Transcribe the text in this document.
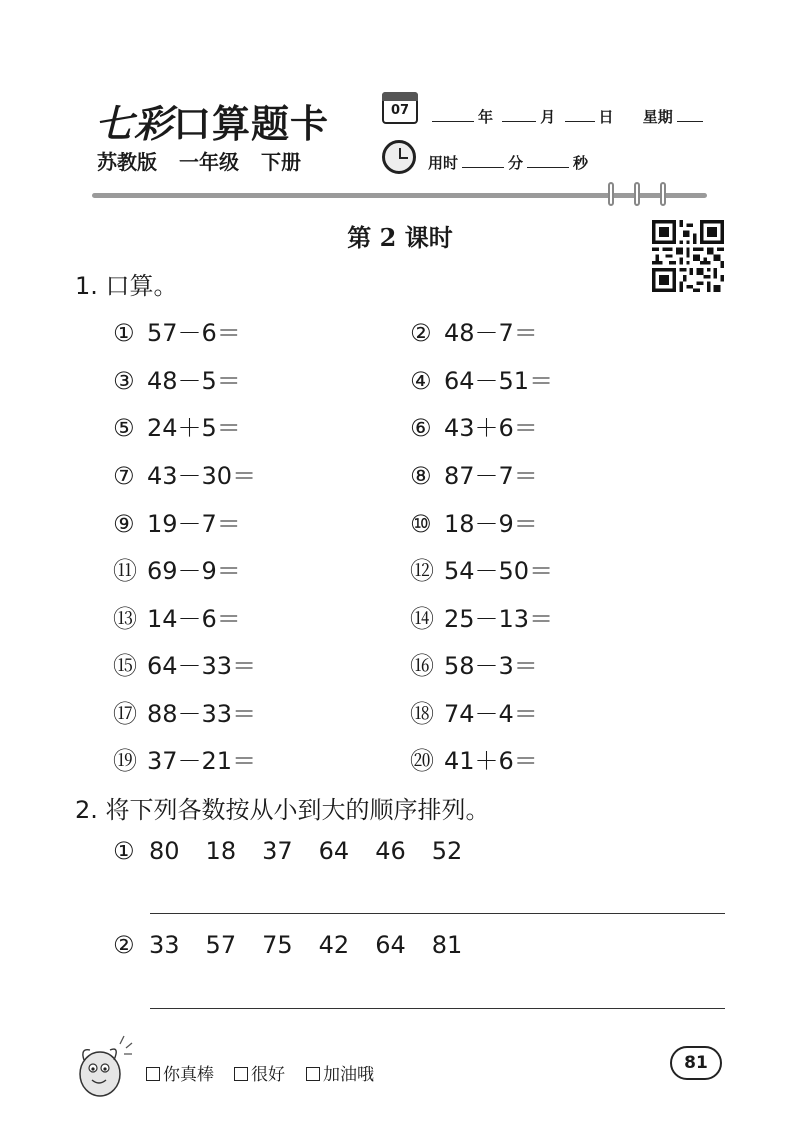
七彩口算题卡
苏教版 一年级 下册
07	年	月	日 星期
用时	分	秒
第 2 课时
1. 口算。
① 57－6＝	② 48－7＝
③ 48－5＝	④ 64－51＝
⑤ 24＋5＝	⑥ 43＋6＝
⑦ 43－30＝	⑧ 87－7＝
⑨ 19－7＝	⑩ 18－9＝
⑪ 69－9＝	⑫ 54－50＝
⑬ 14－6＝	⑭ 25－13＝
⑮ 64－33＝	⑯ 58－3＝
⑰ 88－33＝	⑱ 74－4＝
⑲ 37－21＝	⑳ 41＋6＝
2. 将下列各数按从小到大的顺序排列。
① 80 18 37 64 46 52
② 33 57 75 42 64 81
你真棒	很好	加油哦
81
